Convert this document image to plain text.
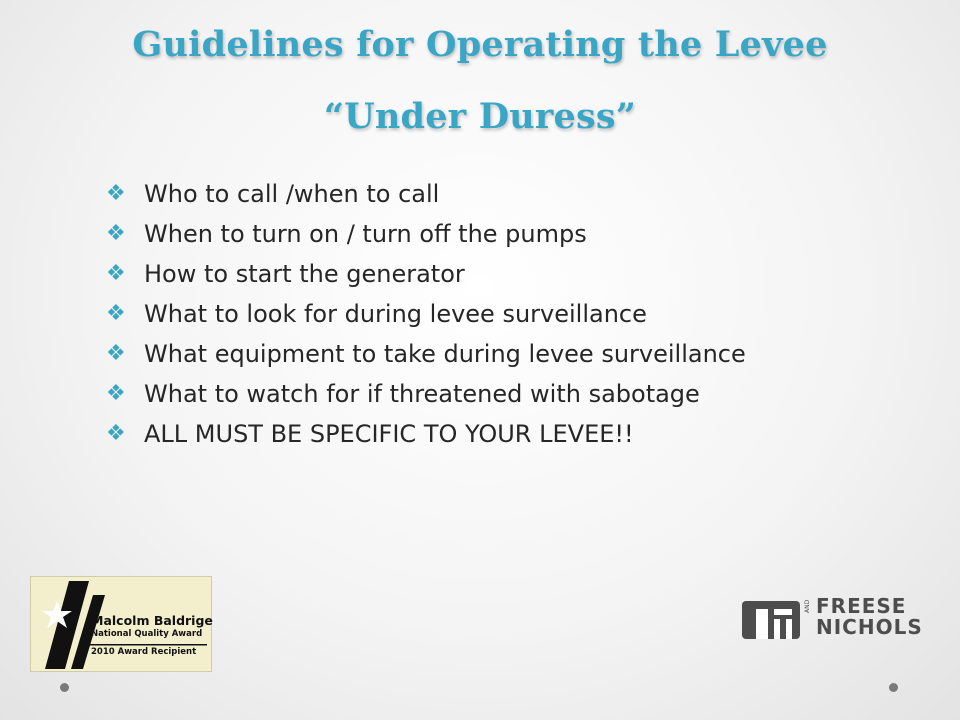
Guidelines for Operating the Levee
“Under Duress”
❖ Who to call /when to call
❖ When to turn on / turn off the pumps
❖ How to start the generator
❖ What to look for during levee surveillance
❖ What equipment to take during levee surveillance
❖ What to watch for if threatened with sabotage
❖ ALL MUST BE SPECIFIC TO YOUR LEVEE!!
Malcolm Baldrige
National Quality Award
2010 Award Recipient
AND FREESE
NICHOLS
